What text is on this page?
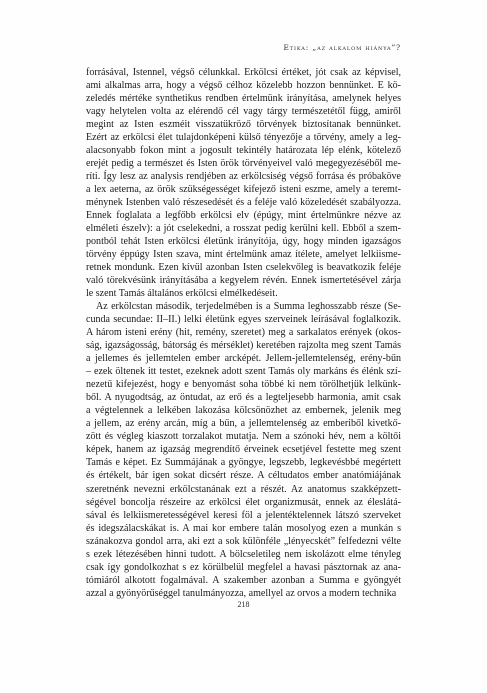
Etika: „az alkalom hiánya”?
forrásával, Istennel, végső célunkkal. Erkölcsi értéket, jót csak az képvisel,
ami alkalmas arra, hogy a végső célhoz közelebb hozzon bennünket. E kö-
zeledés mértéke synthetikus rendben értelmünk irányítása, amelynek helyes
vagy helytelen volta az elérendő cél vagy tárgy természetétől függ, amiről
megint az Isten eszméit visszatükröző törvények biztosítanak bennünket.
Ezért az erkölcsi élet tulajdonképeni külső tényezője a törvény, amely a leg-
alacsonyabb fokon mint a jogosult tekintély határozata lép elénk, kötelező
erejét pedig a természet és Isten örök törvényeivel való megegyezéséből me-
ríti. Így lesz az analysis rendjében az erkölcsiség végső forrása és próbaköve
a lex aeterna, az örök szükségességet kifejező isteni eszme, amely a teremt-
ménynek Istenben való részesedését és a feléje való közeledését szabályozza.
Ennek foglalata a legfőbb erkölcsi elv (épúgy, mint értelmünkre nézve az
elméleti észelv): a jót cselekedni, a rosszat pedig kerülni kell. Ebből a szem-
pontból tehát Isten erkölcsi életünk irányítója, úgy, hogy minden igazságos
törvény éppúgy Isten szava, mint értelmünk amaz ítélete, amelyet lelkiisme-
retnek mondunk. Ezen kívül azonban Isten cselekvőleg is beavatkozik feléje
való törekvésünk irányításába a kegyelem révén. Ennek ismertetésével zárja
le szent Tamás általános erkölcsi elmélkedéseit.
Az erkölcstan második, terjedelmében is a Summa leghosszabb része (Se-
cunda secundae: II–II.) lelki életünk egyes szerveinek leírásával foglalkozik.
A három isteni erény (hit, remény, szeretet) meg a sarkalatos erények (okos-
ság, igazságosság, bátorság és mérséklet) keretében rajzolta meg szent Tamás
a jellemes és jellemtelen ember arcképét. Jellem-jellemtelenség, erény-bűn
– ezek öltenek itt testet, ezeknek adott szent Tamás oly markáns és élénk szí-
nezetű kifejezést, hogy e benyomást soha többé ki nem törölhetjük lelkünk-
ből. A nyugodtság, az öntudat, az erő és a legteljesebb harmonia, amit csak
a végtelennek a lelkében lakozása kölcsönözhet az embernek, jelenik meg
a jellem, az erény arcán, míg a bűn, a jellemtelenség az emberiből kivetkő-
zött és végleg kiaszott torzalakot mutatja. Nem a szónoki hév, nem a költői
képek, hanem az igazság megrendítő érveinek ecsetjével festette meg szent
Tamás e képet. Ez Summájának a gyöngye, legszebb, legkevésbbé megértett
és értékelt, bár igen sokat dicsért része. A céltudatos ember anatómiájának
szeretnénk nevezni erkölcstanának ezt a részét. Az anatomus szakképzett-
ségével boncolja részeire az erkölcsi élet organizmusát, ennek az éleslátá-
sával és lelkiismeretességével keresi föl a jelentéktelennek látszó szerveket
és idegszálacskákat is. A mai kor embere talán mosolyog ezen a munkán s
szánakozva gondol arra, aki ezt a sok különféle „lényecskét” felfedezni vélte
s ezek létezésében hinni tudott. A bölcseletileg nem iskolázott elme tényleg
csak így gondolkozhat s ez körülbelül megfelel a havasi pásztornak az ana-
tómiáról alkotott fogalmával. A szakember azonban a Summa e gyöngyét
azzal a gyönyörűséggel tanulmányozza, amellyel az orvos a modern technika
218
